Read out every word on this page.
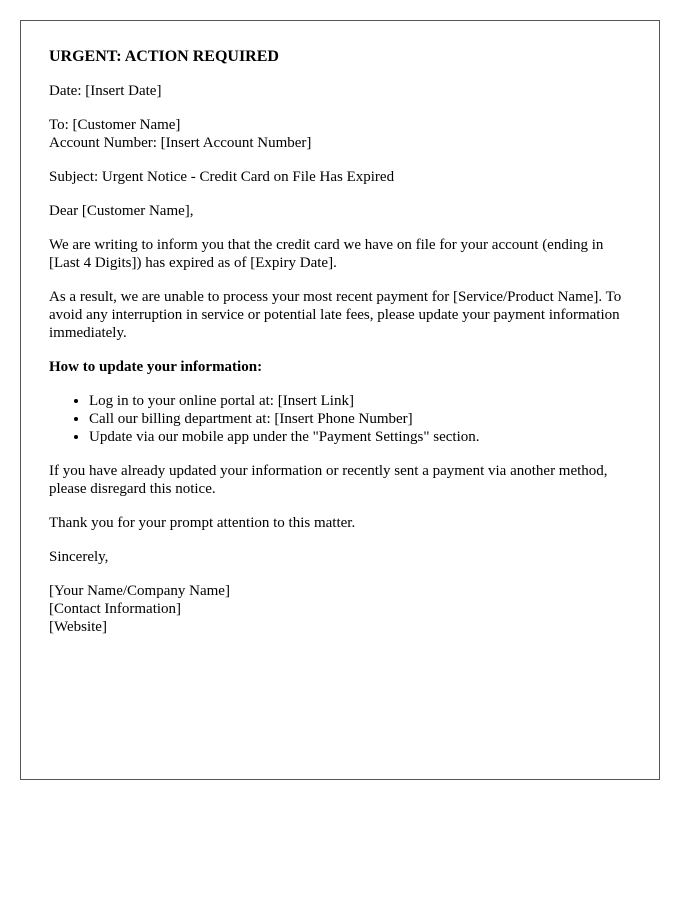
URGENT: ACTION REQUIRED

Date: [Insert Date]

To: [Customer Name]
Account Number: [Insert Account Number]

Subject: Urgent Notice - Credit Card on File Has Expired

Dear [Customer Name],

We are writing to inform you that the credit card we have on file for your account (ending in [Last 4 Digits]) has expired as of [Expiry Date].

As a result, we are unable to process your most recent payment for [Service/Product Name]. To avoid any interruption in service or potential late fees, please update your payment information immediately.

How to update your information:

• Log in to your online portal at: [Insert Link]
• Call our billing department at: [Insert Phone Number]
• Update via our mobile app under the "Payment Settings" section.

If you have already updated your information or recently sent a payment via another method, please disregard this notice.

Thank you for your prompt attention to this matter.

Sincerely,

[Your Name/Company Name]
[Contact Information]
[Website]
